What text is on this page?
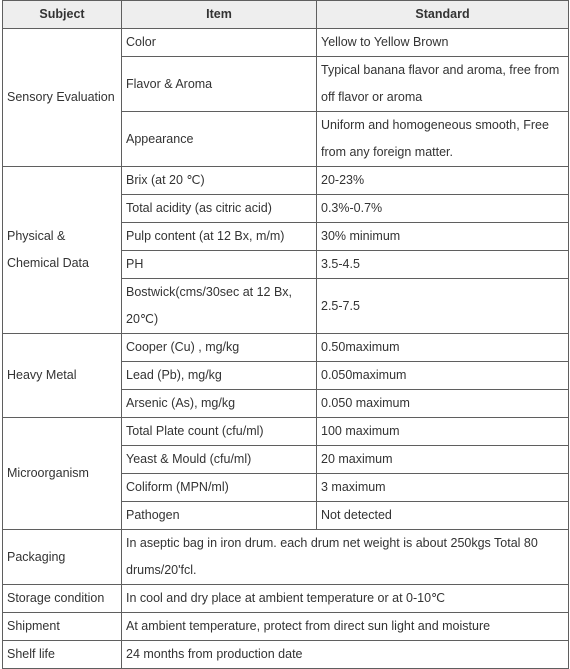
Subject	Item	Standard
Sensory Evaluation	Color	Yellow to Yellow Brown
	Flavor & Aroma	Typical banana flavor and aroma, free from off flavor or aroma
	Appearance	Uniform and homogeneous smooth, Free from any foreign matter.
Physical & Chemical Data	Brix (at 20 ℃)	20-23%
	Total acidity (as citric acid)	0.3%-0.7%
	Pulp content (at 12 Bx, m/m)	30% minimum
	PH	3.5-4.5
	Bostwick(cms/30sec at 12 Bx, 20℃)	2.5-7.5
Heavy Metal	Cooper (Cu) , mg/kg	0.50maximum
	Lead (Pb), mg/kg	0.050maximum
	Arsenic (As), mg/kg	0.050 maximum
Microorganism	Total Plate count (cfu/ml)	100 maximum
	Yeast & Mould (cfu/ml)	20 maximum
	Coliform (MPN/ml)	3 maximum
	Pathogen	Not detected
Packaging	In aseptic bag in iron drum. each drum net weight is about 250kgs Total 80 drums/20'fcl.	
Storage condition	In cool and dry place at ambient temperature or at 0-10℃	
Shipment	At ambient temperature, protect from direct sun light and moisture	
Shelf life	24 months from production date	
